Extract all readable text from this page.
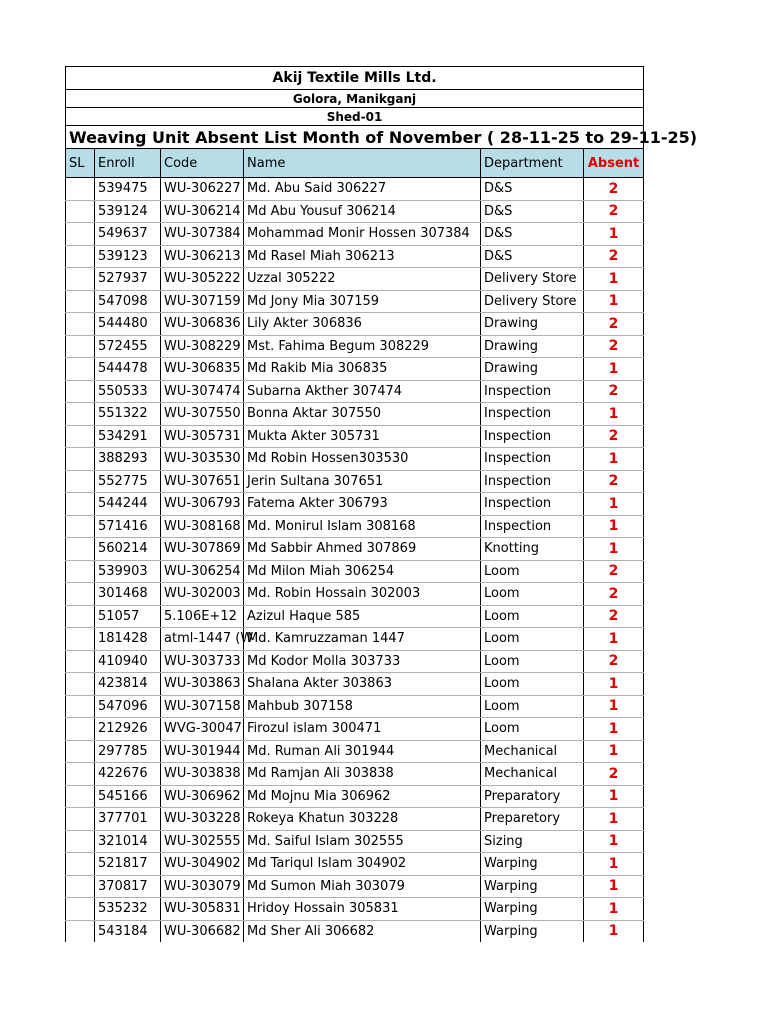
Akij Textile Mills Ltd.					
Golora, Manikganj					
Shed-01					
Weaving Unit Absent List Month of November ( 28-11-25 to 29-11-25)					
SL	Enroll	Code	Name	Department	Absent
	539475	WU-306227	Md. Abu Said 306227	D&S	2
	539124	WU-306214	Md Abu Yousuf 306214	D&S	2
	549637	WU-307384	Mohammad Monir Hossen 307384	D&S	1
	539123	WU-306213	Md Rasel Miah 306213	D&S	2
	527937	WU-305222	Uzzal 305222	Delivery Store	1
	547098	WU-307159	Md Jony Mia 307159	Delivery Store	1
	544480	WU-306836	Lily Akter 306836	Drawing	2
	572455	WU-308229	Mst. Fahima Begum 308229	Drawing	2
	544478	WU-306835	Md Rakib Mia 306835	Drawing	1
	550533	WU-307474	Subarna Akther 307474	Inspection	2
	551322	WU-307550	Bonna Aktar 307550	Inspection	1
	534291	WU-305731	Mukta Akter 305731	Inspection	2
	388293	WU-303530	Md Robin Hossen303530	Inspection	1
	552775	WU-307651	Jerin Sultana 307651	Inspection	2
	544244	WU-306793	Fatema Akter 306793	Inspection	1
	571416	WU-308168	Md. Monirul Islam 308168	Inspection	1
	560214	WU-307869	Md Sabbir Ahmed 307869	Knotting	1
	539903	WU-306254	Md Milon Miah 306254	Loom	2
	301468	WU-302003	Md. Robin Hossain 302003	Loom	2
	51057	5.106E+12	Azizul Haque 585	Loom	2
	181428	atml-1447 (W	Md. Kamruzzaman 1447	Loom	1
	410940	WU-303733	Md Kodor Molla 303733	Loom	2
	423814	WU-303863	Shalana Akter 303863	Loom	1
	547096	WU-307158	Mahbub 307158	Loom	1
	212926	WVG-30047	Firozul islam 300471	Loom	1
	297785	WU-301944	Md. Ruman Ali 301944	Mechanical	1
	422676	WU-303838	Md Ramjan Ali 303838	Mechanical	2
	545166	WU-306962	Md Mojnu Mia 306962	Preparatory	1
	377701	WU-303228	Rokeya Khatun 303228	Preparetory	1
	321014	WU-302555	Md. Saiful Islam 302555	Sizing	1
	521817	WU-304902	Md Tariqul Islam 304902	Warping	1
	370817	WU-303079	Md Sumon Miah 303079	Warping	1
	535232	WU-305831	Hridoy Hossain 305831	Warping	1
	543184	WU-306682	Md Sher Ali 306682	Warping	1
